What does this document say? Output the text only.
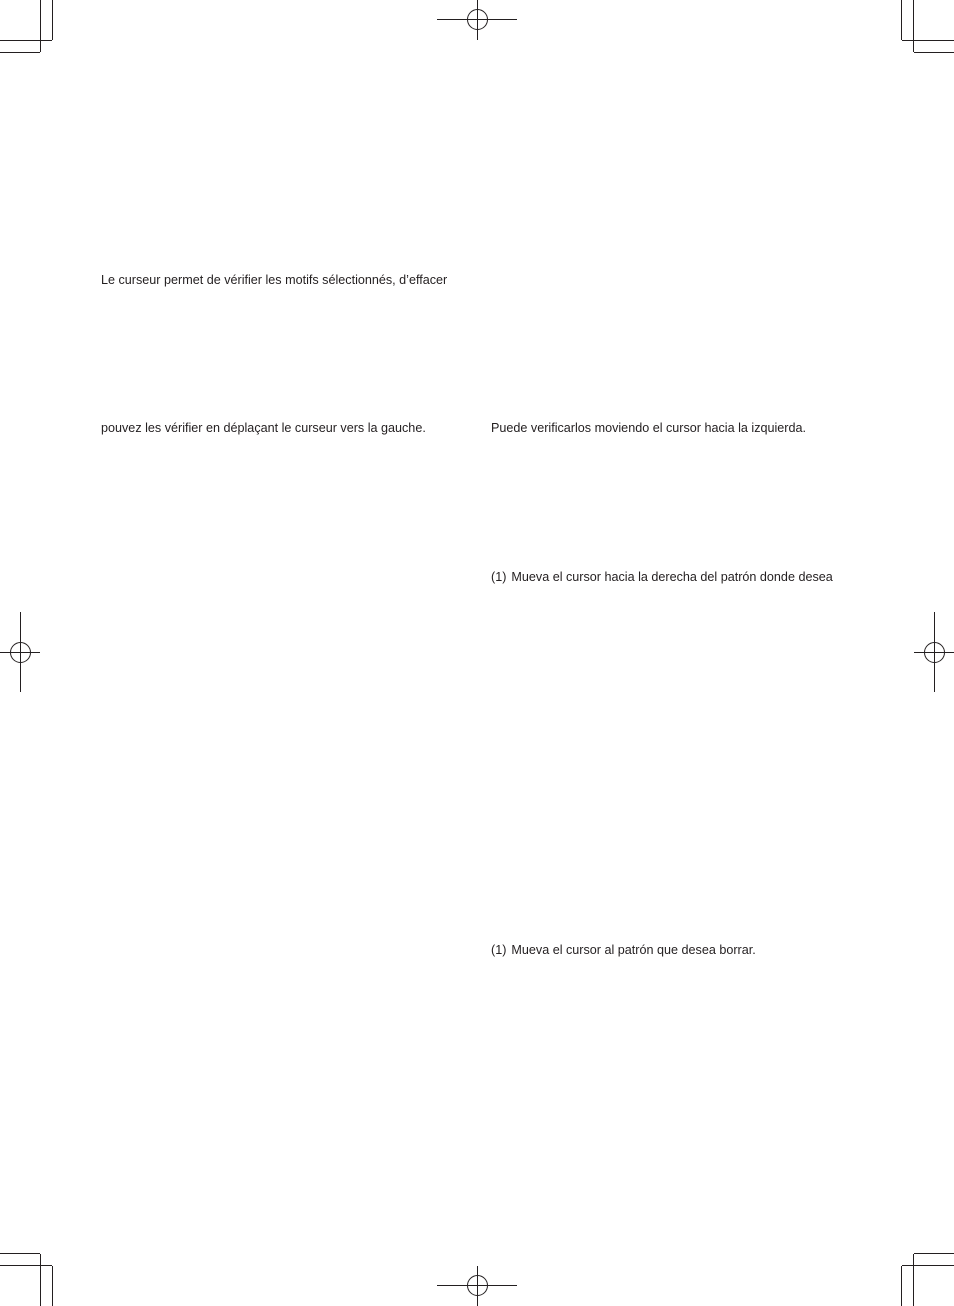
Le curseur permet de vérifier les motifs sélectionnés, d’effacer
pouvez les vérifier en déplaçant le curseur vers la gauche.	Puede verificarlos moviendo el cursor hacia la izquierda.
(1) Mueva el cursor hacia la derecha del patrón donde desea
(1) Mueva el cursor al patrón que desea borrar.
